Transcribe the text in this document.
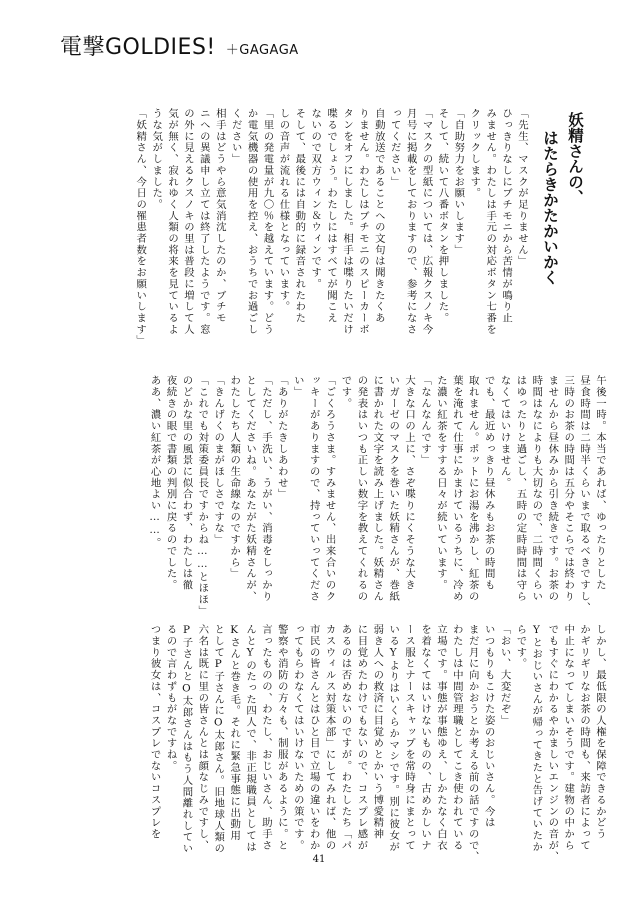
電撃GOLDIES! ＋GAGAGA
妖精さんの、
はたらきかたかいかく
「先生、マスクが足りません」
ひっきりなしにブチモニから苦情が鳴り止
みません。わたしは手元の対応ボタン七番を
クリックします。
「自助努力をお願いします」
そして、続いて八番ボタンを押しました。
「マスクの型紙については、広報クスノキ今
月号に掲載をしておりますので、参考になさ
ってください」
自動放送であることへの文句は聞きたくあ
りません。わたしはブチモニのスピーカーボ
タンをオフにしました。相手は喋りたいだけ
喋るでしょう。わたしにはすべてが聞こえ
ないので双方ウィン＆ウィンです。
そして、最後には自動的に録音されたわた
しの音声が流れる仕様となっています。
「里の発電量が九〇％を越えています。どう
か電気機器の使用を控え、おうちでお過ごし
ください」
相手はどうやら意気消沈したのか、ブチモ
ニへの異議申し立ては終了したようです。窓
の外に見えるクスノキの里は普段に増して人
気が無く、寂れゆく人類の将来を見ているよ
うな気がしました。
「妖精さん、今日の罹患者数をお願いします」
午後一時。本当であれば、ゆったりとした
昼食時間は二時半くらいまで取るべきですし、
三時のお茶の時間は五分やそこらでは終わり
ませんから昼休みから引き続きです。お茶の
時間はなによりも大切なので、二時間くらい
はゆったりと過ごし、五時の定時時間は守ら
なくてはいけません。
でも、最近めっきり昼休みもお茶の時間も
取れません。ポットにお湯を沸かし、紅茶の
葉を淹れて仕事にかまけているうちに、冷め
た濃い紅茶をすする日々が続いています。
「なんなんです」
大きな口の上に、さぞ喋りにくそうな大き
いガーゼのマスクを巻いた妖精さんが、巻紙
に書かれた文字を読み上げました。妖精さん
の発表はいつも正しい数字を教えてくれるの
です。
「ごくろうさま。すみません、出来合いのク
ッキーがありますので、持っていってくださ
い」
「ありがたきしあわせ」
「ただし、手洗い、うがい、消毒をしっかり
としてくださいね。あなたがた妖精さんが、
わたしたち人類の生命線なのですから」
「きんげくのまがほしさですな」
「これでも対策委員長ですからね……とほほ」
のどかな里の風景に似合わず、わたしは徹
夜続きの眼で書類の判別に戻るのでした。
ああ、濃い紅茶が心地よい……。
しかし、最低限の人権を保障できるかどう
かギリギリなお茶の時間も、来訪者によって
中止になってしまいそうです。建物の中から
でもすぐにわかるやかましいエンジンの音が、
Yとおじいさんが帰ってきたと告げていたか
らです。
「おい、大変だぞ」
いつもりもこけた姿のおじいさん。今は
まだ月に向かおうとか考える前の話ですので、
わたしは中間管理職としてこき使われている
立場です。事態が事態ゆえ、しかたなく白衣
を着なくてはいけないものの、古めかしいナ
ース服とナースキャップを常時身にまとって
いるYよりはいくらかマシです。別に彼女が
弱き人への救済に目覚めとかいう博愛精神
に目覚めたわけでもないので、コスプレ感が
あるのは否めないのですが。わたしたち「パ
カスウィルス対策本部」にしてみれば、他の
市民の皆さんとはひと目で立場の違いをわか
ってもらわなくてはいけないための策です。
警察や消防の方々も、制服があるように。と
言ったものの、わたし、おじいさん、助手さ
んとYのたった四人で、非正規職員としては
Kさんと巻き毛。それに緊急事態に出動用
としてP子さんにO太郎さん。旧地球人類の
六名は既に里の皆さんとは顔なじみですし、
P子さんとO太郎さんはもう人間離れしてい
るので言わずもがなですね。
つまり彼女は、コスプレでないコスプレを
41
